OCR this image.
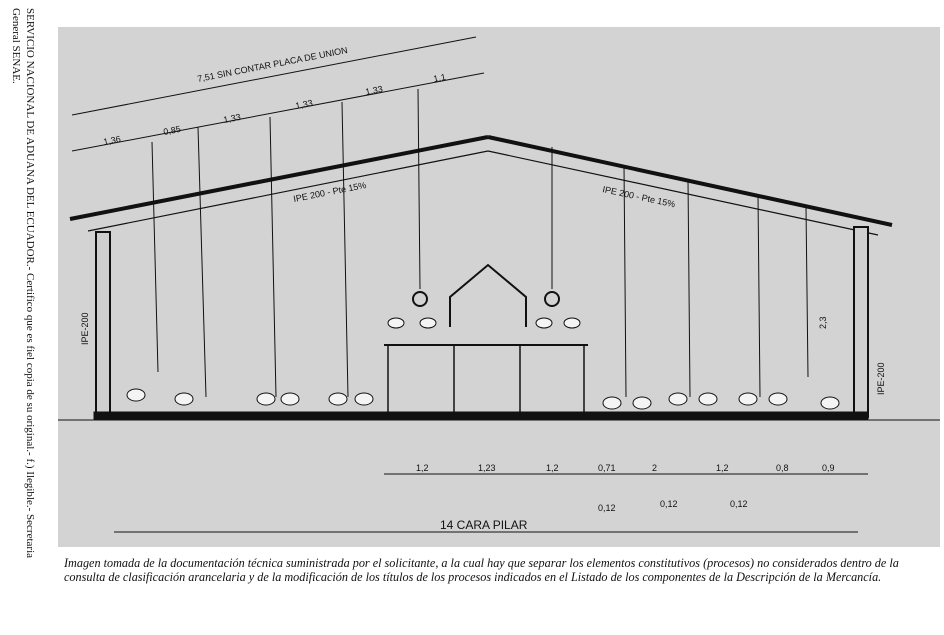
SERVICIO NACIONAL DE ADUANA DEL ECUADOR.- Certifico que es fiel copia de su original.- f.) Ilegible.- Secretaria
General SENAE.	7,51 SIN CONTAR PLACA DE UNION
1,36
0,85
1,33
1,33
1,33
1,1
IPE 200 - Pte 15%	IPE 200 - Pte 15%
IPE-200
IPE-200
2,3
1,2	1,23	1,2	0,71	2	1,2	0,8	0,9
0,12	0,12	0,12
14 CARA PILAR

Imagen tomada de la documentación técnica suministrada por el solicitante, a la cual hay que separar los elementos constitutivos (procesos) no considerados dentro de la consulta de clasificación arancelaria y de la modificación de los títulos de los procesos indicados en el Listado de los componentes de la Descripción de la Mercancía.
